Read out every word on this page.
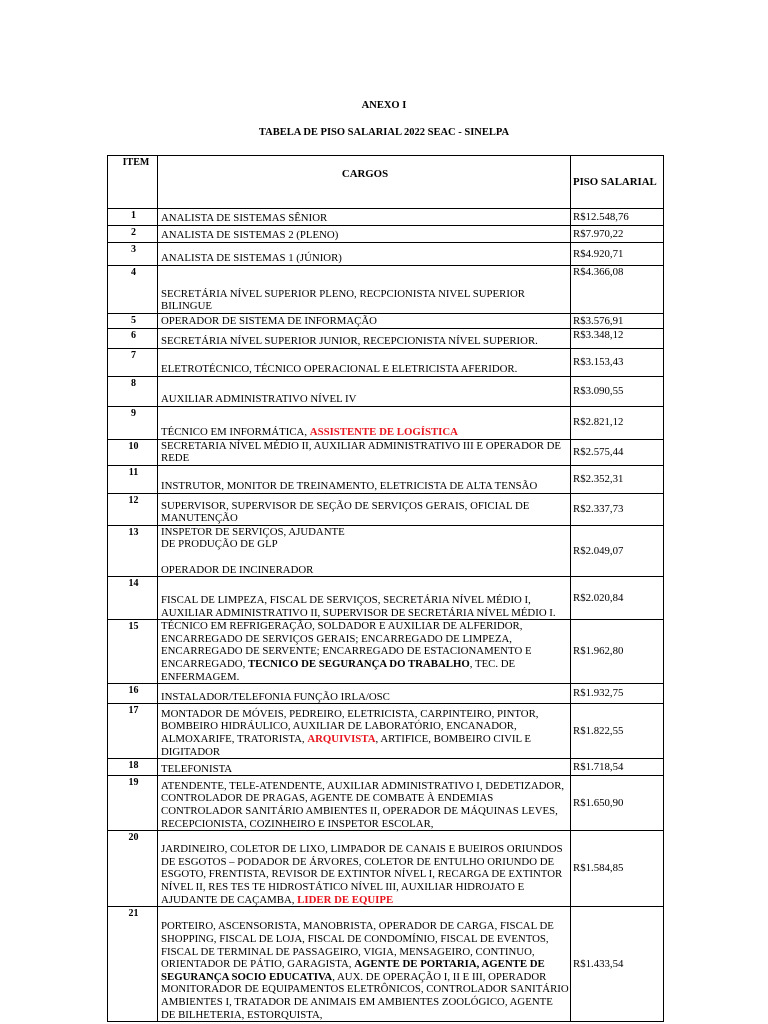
ANEXO I
TABELA DE PISO SALARIAL 2022 SEAC - SINELPA
ITEM	CARGOS	PISO SALARIAL
1	ANALISTA DE SISTEMAS SÊNIOR	R$12.548,76
2	ANALISTA DE SISTEMAS 2 (PLENO)	R$7.970,22
3	ANALISTA DE SISTEMAS 1 (JÚNIOR)	R$4.920,71
4	SECRETÁRIA NÍVEL SUPERIOR PLENO, RECPCIONISTA NIVEL SUPERIOR BILINGUE	R$4.366,08
5	OPERADOR DE SISTEMA DE INFORMAÇÃO	R$3.576,91
6	SECRETÁRIA NÍVEL SUPERIOR JUNIOR, RECEPCIONISTA NÍVEL SUPERIOR.	R$3.348,12
7	ELETROTÉCNICO, TÉCNICO OPERACIONAL E ELETRICISTA AFERIDOR.	R$3.153,43
8	AUXILIAR ADMINISTRATIVO NÍVEL IV	R$3.090,55
9	TÉCNICO EM INFORMÁTICA, ASSISTENTE DE LOGÍSTICA	R$2.821,12
10	SECRETARIA NÍVEL MÉDIO II, AUXILIAR ADMINISTRATIVO III E OPERADOR DE REDE	R$2.575,44
11	INSTRUTOR, MONITOR DE TREINAMENTO, ELETRICISTA DE ALTA TENSÃO	R$2.352,31
12	SUPERVISOR, SUPERVISOR DE SEÇÃO DE SERVIÇOS GERAIS, OFICIAL DE MANUTENÇÃO	R$2.337,73
13	INSPETOR DE SERVIÇOS, AJUDANTE
DE PRODUÇÃO DE GLP

OPERADOR DE INCINERADOR	R$2.049,07
14	FISCAL DE LIMPEZA, FISCAL DE SERVIÇOS, SECRETÁRIA NÍVEL MÉDIO I, AUXILIAR ADMINISTRATIVO II, SUPERVISOR DE SECRETÁRIA NÍVEL MÉDIO I.	R$2.020,84
15	TÉCNICO EM REFRIGERAÇÃO, SOLDADOR E AUXILIAR DE ALFERIDOR, ENCARREGADO DE SERVIÇOS GERAIS; ENCARREGADO DE LIMPEZA, ENCARREGADO DE SERVENTE; ENCARREGADO DE ESTACIONAMENTO E ENCARREGADO, TECNICO DE SEGURANÇA DO TRABALHO, TEC. DE ENFERMAGEM.	R$1.962,80
16	INSTALADOR/TELEFONIA FUNÇÃO IRLA/OSC	R$1.932,75
17	MONTADOR DE MÓVEIS, PEDREIRO, ELETRICISTA, CARPINTEIRO, PINTOR, BOMBEIRO HIDRÁULICO, AUXILIAR DE LABORATÓRIO, ENCANADOR, ALMOXARIFE, TRATORISTA, ARQUIVISTA, ARTIFICE, BOMBEIRO CIVIL E DIGITADOR	R$1.822,55
18	TELEFONISTA	R$1.718,54
19	ATENDENTE, TELE-ATENDENTE, AUXILIAR ADMINISTRATIVO I, DEDETIZADOR, CONTROLADOR DE PRAGAS, AGENTE DE COMBATE À ENDEMIAS CONTROLADOR SANITÁRIO AMBIENTES II, OPERADOR DE MÁQUINAS LEVES, RECEPCIONISTA, COZINHEIRO E INSPETOR ESCOLAR,	R$1.650,90
20	JARDINEIRO, COLETOR DE LIXO, LIMPADOR DE CANAIS E BUEIROS ORIUNDOS DE ESGOTOS – PODADOR DE ÁRVORES, COLETOR DE ENTULHO ORIUNDO DE ESGOTO, FRENTISTA, REVISOR DE EXTINTOR NÍVEL I, RECARGA DE EXTINTOR NÍVEL II, RES TES TE HIDROSTÁTICO NÍVEL III, AUXILIAR HIDROJATO E AJUDANTE DE CAÇAMBA, LIDER DE EQUIPE	R$1.584,85
21	PORTEIRO, ASCENSORISTA, MANOBRISTA, OPERADOR DE CARGA, FISCAL DE SHOPPING, FISCAL DE LOJA, FISCAL DE CONDOMÍNIO, FISCAL DE EVENTOS, FISCAL DE TERMINAL DE PASSAGEIRO, VIGIA, MENSAGEIRO, CONTINUO, ORIENTADOR DE PÁTIO, GARAGISTA, AGENTE DE PORTARIA, AGENTE DE SEGURANÇA SOCIO EDUCATIVA, AUX. DE OPERAÇÃO I, II E III, OPERADOR MONITORADOR DE EQUIPAMENTOS ELETRÔNICOS, CONTROLADOR SANITÁRIO AMBIENTES I, TRATADOR DE ANIMAIS EM AMBIENTES ZOOLÓGICO, AGENTE DE BILHETERIA, ESTORQUISTA,	R$1.433,54
